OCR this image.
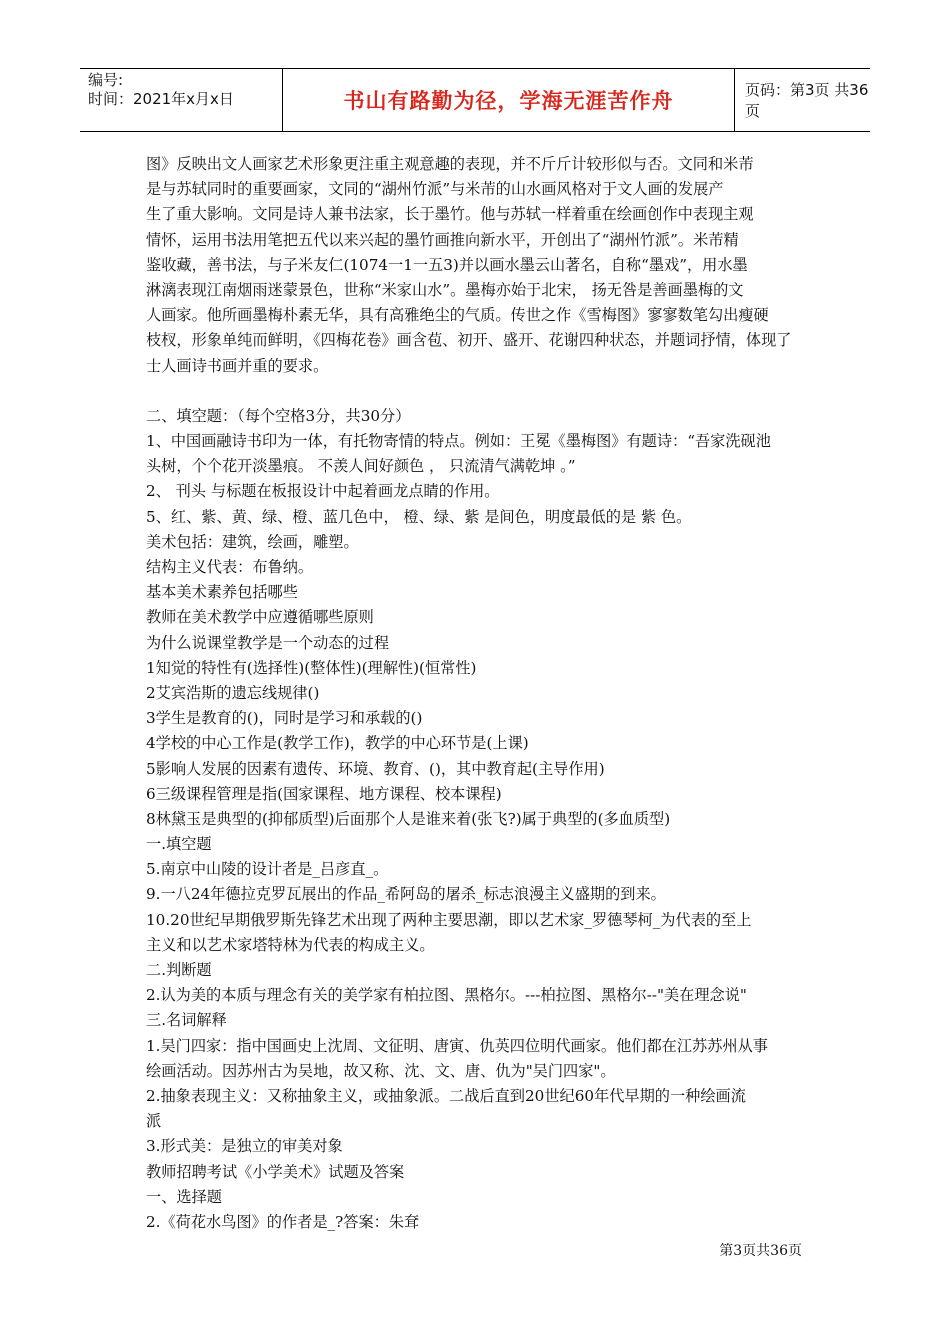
编号:
时间：2021年x月x日	书山有路勤为径，学海无涯苦作舟	页码：第3页 共36页
图》反映出文人画家艺术形象更注重主观意趣的表现，并不斤斤计较形似与否。文同和米芾
是与苏轼同时的重要画家，文同的“湖州竹派”与米芾的山水画风格对于文人画的发展产
生了重大影响。文同是诗人兼书法家，长于墨竹。他与苏轼一样着重在绘画创作中表现主观
情怀，运用书法用笔把五代以来兴起的墨竹画推向新水平，开创出了“湖州竹派”。米芾精
鉴收藏，善书法，与子米友仁(1074一1一五3)并以画水墨云山著名，自称“墨戏”，用水墨
淋漓表现江南烟雨迷蒙景色，世称“米家山水”。墨梅亦始于北宋， 扬无咎是善画墨梅的文
人画家。他所画墨梅朴素无华，具有高雅绝尘的气质。传世之作《雪梅图》寥寥数笔勾出瘦硬
枝杈，形象单纯而鲜明，《四梅花卷》画含苞、初开、盛开、花谢四种状态，并题词抒情，体现了
士人画诗书画并重的要求。
二、填空题：（每个空格3分，共30分）
1、中国画融诗书印为一体，有托物寄情的特点。例如：王冕《墨梅图》有题诗：“吾家洗砚池
头树，个个花开淡墨痕。 不羡人间好颜色 ， 只流清气满乾坤 。”
2、 刊头 与标题在板报设计中起着画龙点睛的作用。
5、红、紫、黄、绿、橙、蓝几色中， 橙、绿、紫 是间色，明度最低的是 紫 色。
美术包括：建筑，绘画，雕塑。
结构主义代表：布鲁纳。
基本美术素养包括哪些
教师在美术教学中应遵循哪些原则
为什么说课堂教学是一个动态的过程
1知觉的特性有(选择性)(整体性)(理解性)(恒常性)
2艾宾浩斯的遗忘线规律()
3学生是教育的()，同时是学习和承载的()
4学校的中心工作是(教学工作)，教学的中心环节是(上课)
5影响人发展的因素有遗传、环境、教育、()，其中教育起(主导作用)
6三级课程管理是指(国家课程、地方课程、校本课程)
8林黛玉是典型的(抑郁质型)后面那个人是谁来着(张飞?)属于典型的(多血质型)
一.填空题
5.南京中山陵的设计者是_吕彦直_。
9.一八24年德拉克罗瓦展出的作品_希阿岛的屠杀_标志浪漫主义盛期的到来。
10.20世纪早期俄罗斯先锋艺术出现了两种主要思潮，即以艺术家_罗德琴柯_为代表的至上
主义和以艺术家塔特林为代表的构成主义。
二.判断题
2.认为美的本质与理念有关的美学家有柏拉图、黑格尔。---柏拉图、黑格尔--"美在理念说"
三.名词解释
1.吴门四家：指中国画史上沈周、文征明、唐寅、仇英四位明代画家。他们都在江苏苏州从事
绘画活动。因苏州古为吴地，故又称、沈、文、唐、仇为"吴门四家"。
2.抽象表现主义：又称抽象主义，或抽象派。二战后直到20世纪60年代早期的一种绘画流
派
3.形式美：是独立的审美对象
教师招聘考试《小学美术》试题及答案
一、选择题
2.《荷花水鸟图》的作者是_?答案：朱耷
第3页共36页
